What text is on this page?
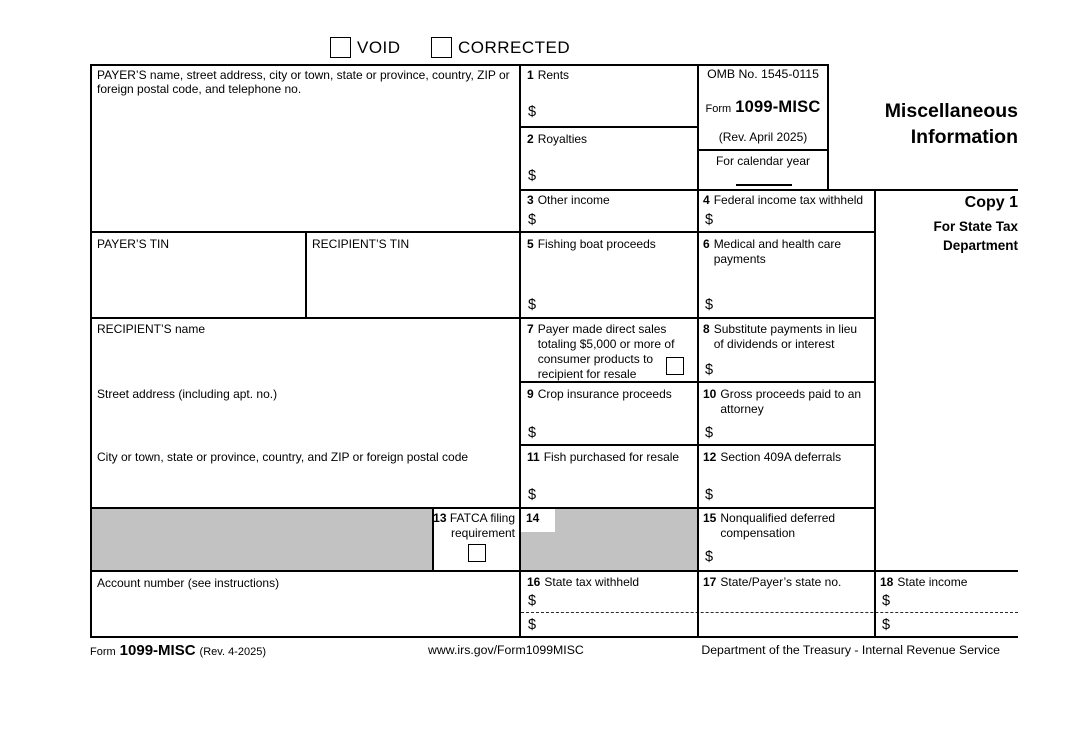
VOID	CORRECTED
PAYER’S name, street address, city or town, state or province, country, ZIP or foreign postal code, and telephone no.
PAYER’S TIN	RECIPIENT’S TIN
RECIPIENT’S name
Street address (including apt. no.)
City or town, state or province, country, and ZIP or foreign postal code
Account number (see instructions)
OMB No. 1545-0115
Form 1099-MISC
(Rev. April 2025)
For calendar year
Miscellaneous
Information
Copy 1
For State Tax
Department
1 Rents
$
2 Royalties
$
3 Other income
$
4 Federal income tax withheld
$
5 Fishing boat proceeds
$
6 Medical and health care payments
$
7 Payer made direct sales totaling $5,000 or more of consumer products to recipient for resale
8 Substitute payments in lieu of dividends or interest
$
9 Crop insurance proceeds
$
10 Gross proceeds paid to an attorney
$
11 Fish purchased for resale
$
12 Section 409A deferrals
$
13 FATCA filing requirement
14	15 Nonqualified deferred compensation
$
16 State tax withheld
$
$
17 State/Payer’s state no.	18 State income
$
$
Form 1099-MISC (Rev. 4-2025)	www.irs.gov/Form1099MISC	Department of the Treasury - Internal Revenue Service
